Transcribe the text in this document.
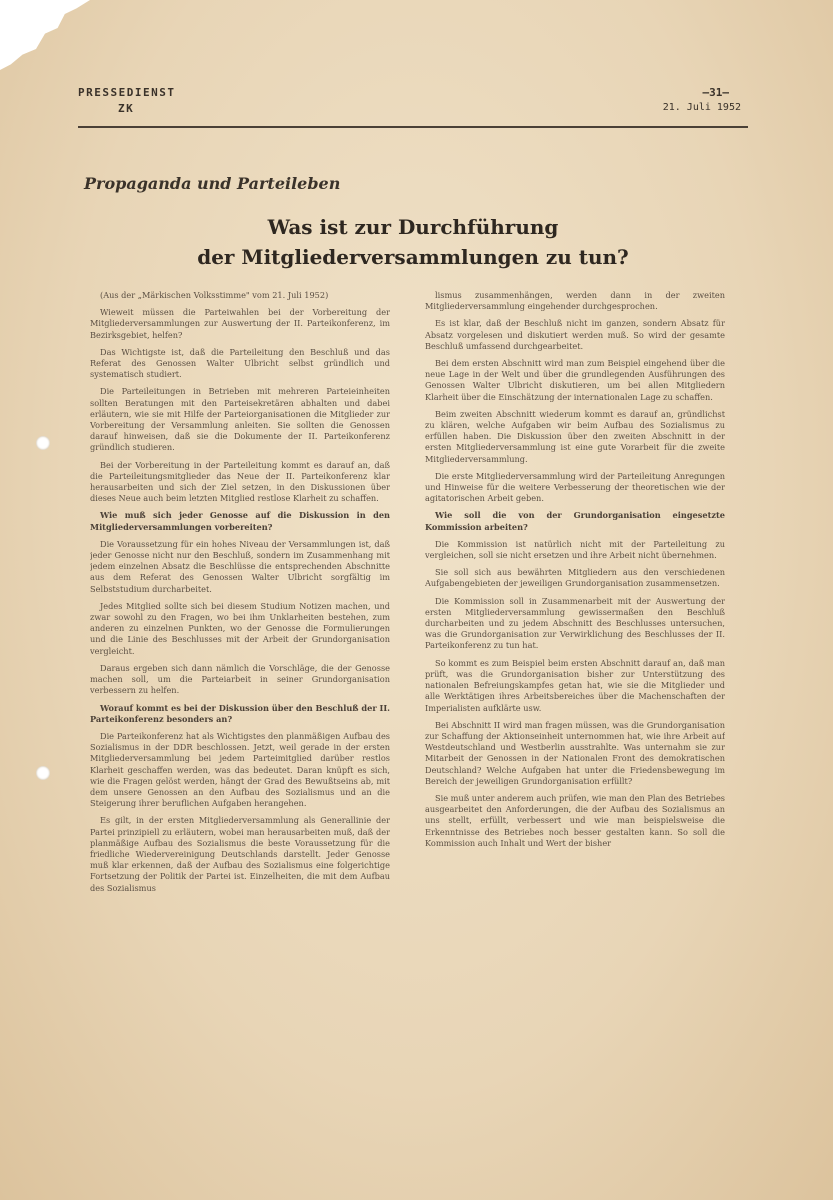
PRESSEDIENST
ZK
—31—
21. Juli 1952
Propaganda und Parteileben
Was ist zur Durchführung
der Mitgliederversammlungen zu tun?

(Aus der „Märkischen Volksstimme" vom 21. Juli 1952)

Wieweit müssen die Parteiwahlen bei der Vorbereitung der Mitgliederversammlungen zur Auswertung der II. Parteikonferenz, im Bezirksgebiet, helfen?

Das Wichtigste ist, daß die Parteileitung den Beschluß und das Referat des Genossen Walter Ulbricht selbst gründlich und systematisch studiert.

Die Parteileitungen in Betrieben mit mehreren Parteieinheiten sollten Beratungen mit den Parteisekretären abhalten und dabei erläutern, wie sie mit Hilfe der Parteiorganisationen die Mitglieder zur Vorbereitung der Versammlung anleiten. Sie sollten die Genossen darauf hinweisen, daß sie die Dokumente der II. Parteikonferenz gründlich studieren.

Bei der Vorbereitung in der Parteileitung kommt es darauf an, daß die Parteileitungsmitglieder das Neue der II. Parteikonferenz klar herausarbeiten und sich der Ziel setzen, in den Diskussionen über dieses Neue auch beim letzten Mitglied restlose Klarheit zu schaffen.

Wie muß sich jeder Genosse auf die Diskussion in den Mitgliederversammlungen vorbereiten?

Die Voraussetzung für ein hohes Niveau der Versammlungen ist, daß jeder Genosse nicht nur den Beschluß, sondern im Zusammenhang mit jedem einzelnen Absatz die Beschlüsse die entsprechenden Abschnitte aus dem Referat des Genossen Walter Ulbricht sorgfältig im Selbststudium durcharbeitet.

Jedes Mitglied sollte sich bei diesem Studium Notizen machen, und zwar sowohl zu den Fragen, wo bei ihm Unklarheiten bestehen, zum anderen zu einzelnen Punkten, wo der Genosse die Formulierungen und die Linie des Beschlusses mit der Arbeit der Grundorganisation vergleicht.

Daraus ergeben sich dann nämlich die Vorschläge, die der Genosse machen soll, um die Parteiarbeit in seiner Grundorganisation verbessern zu helfen.

Worauf kommt es bei der Diskussion über den Beschluß der II. Parteikonferenz besonders an?

Die Parteikonferenz hat als Wichtigstes den planmäßigen Aufbau des Sozialismus in der DDR beschlossen. Jetzt, weil gerade in der ersten Mitgliederversammlung bei jedem Parteimitglied darüber restlos Klarheit geschaffen werden, was das bedeutet. Daran knüpft es sich, wie die Fragen gelöst werden, hängt der Grad des Bewußtseins ab, mit dem unsere Genossen an den Aufbau des Sozialismus und an die Steigerung ihrer beruflichen Aufgaben herangehen.

Es gilt, in der ersten Mitgliederversammlung als Generallinie der Partei prinzipiell zu erläutern, wobei man herausarbeiten muß, daß der planmäßige Aufbau des Sozialismus die beste Voraussetzung für die friedliche Wiedervereinigung Deutschlands darstellt. Jeder Genosse muß klar erkennen, daß der Aufbau des Sozialismus eine folgerichtige Fortsetzung der Politik der Partei ist. Einzelheiten, die mit dem Aufbau des Sozialismus

lismus zusammenhängen, werden dann in der zweiten Mitgliederversammlung eingehender durchgesprochen.

Es ist klar, daß der Beschluß nicht im ganzen, sondern Absatz für Absatz vorgelesen und diskutiert werden muß. So wird der gesamte Beschluß umfassend durchgearbeitet.

Bei dem ersten Abschnitt wird man zum Beispiel eingehend über die neue Lage in der Welt und über die grundlegenden Ausführungen des Genossen Walter Ulbricht diskutieren, um bei allen Mitgliedern Klarheit über die Einschätzung der internationalen Lage zu schaffen.

Beim zweiten Abschnitt wiederum kommt es darauf an, gründlichst zu klären, welche Aufgaben wir beim Aufbau des Sozialismus zu erfüllen haben. Die Diskussion über den zweiten Abschnitt in der ersten Mitgliederversammlung ist eine gute Vorarbeit für die zweite Mitgliederversammlung.

Die erste Mitgliederversammlung wird der Parteileitung Anregungen und Hinweise für die weitere Verbesserung der theoretischen wie der agitatorischen Arbeit geben.

Wie soll die von der Grundorganisation eingesetzte Kommission arbeiten?

Die Kommission ist natürlich nicht mit der Parteileitung zu vergleichen, soll sie nicht ersetzen und ihre Arbeit nicht übernehmen.

Sie soll sich aus bewährten Mitgliedern aus den verschiedenen Aufgabengebieten der jeweiligen Grundorganisation zusammensetzen.

Die Kommission soll in Zusammenarbeit mit der Auswertung der ersten Mitgliederversammlung gewissermaßen den Beschluß durcharbeiten und zu jedem Abschnitt des Beschlusses untersuchen, was die Grundorganisation zur Verwirklichung des Beschlusses der II. Parteikonferenz zu tun hat.

So kommt es zum Beispiel beim ersten Abschnitt darauf an, daß man prüft, was die Grundorganisation bisher zur Unterstützung des nationalen Befreiungskampfes getan hat, wie sie die Mitglieder und alle Werktätigen ihres Arbeitsbereiches über die Machenschaften der Imperialisten aufklärte usw.

Bei Abschnitt II wird man fragen müssen, was die Grundorganisation zur Schaffung der Aktionseinheit unternommen hat, wie ihre Arbeit auf Westdeutschland und Westberlin ausstrahlte. Was unternahm sie zur Mitarbeit der Genossen in der Nationalen Front des demokratischen Deutschland? Welche Aufgaben hat unter die Friedensbewegung im Bereich der jeweiligen Grundorganisation erfüllt?

Sie muß unter anderem auch prüfen, wie man den Plan des Betriebes ausgearbeitet den Anforderungen, die der Aufbau des Sozialismus an uns stellt, erfüllt, verbessert und wie man beispielsweise die Erkenntnisse des Betriebes noch besser gestalten kann. So soll die Kommission auch Inhalt und Wert der bisher
